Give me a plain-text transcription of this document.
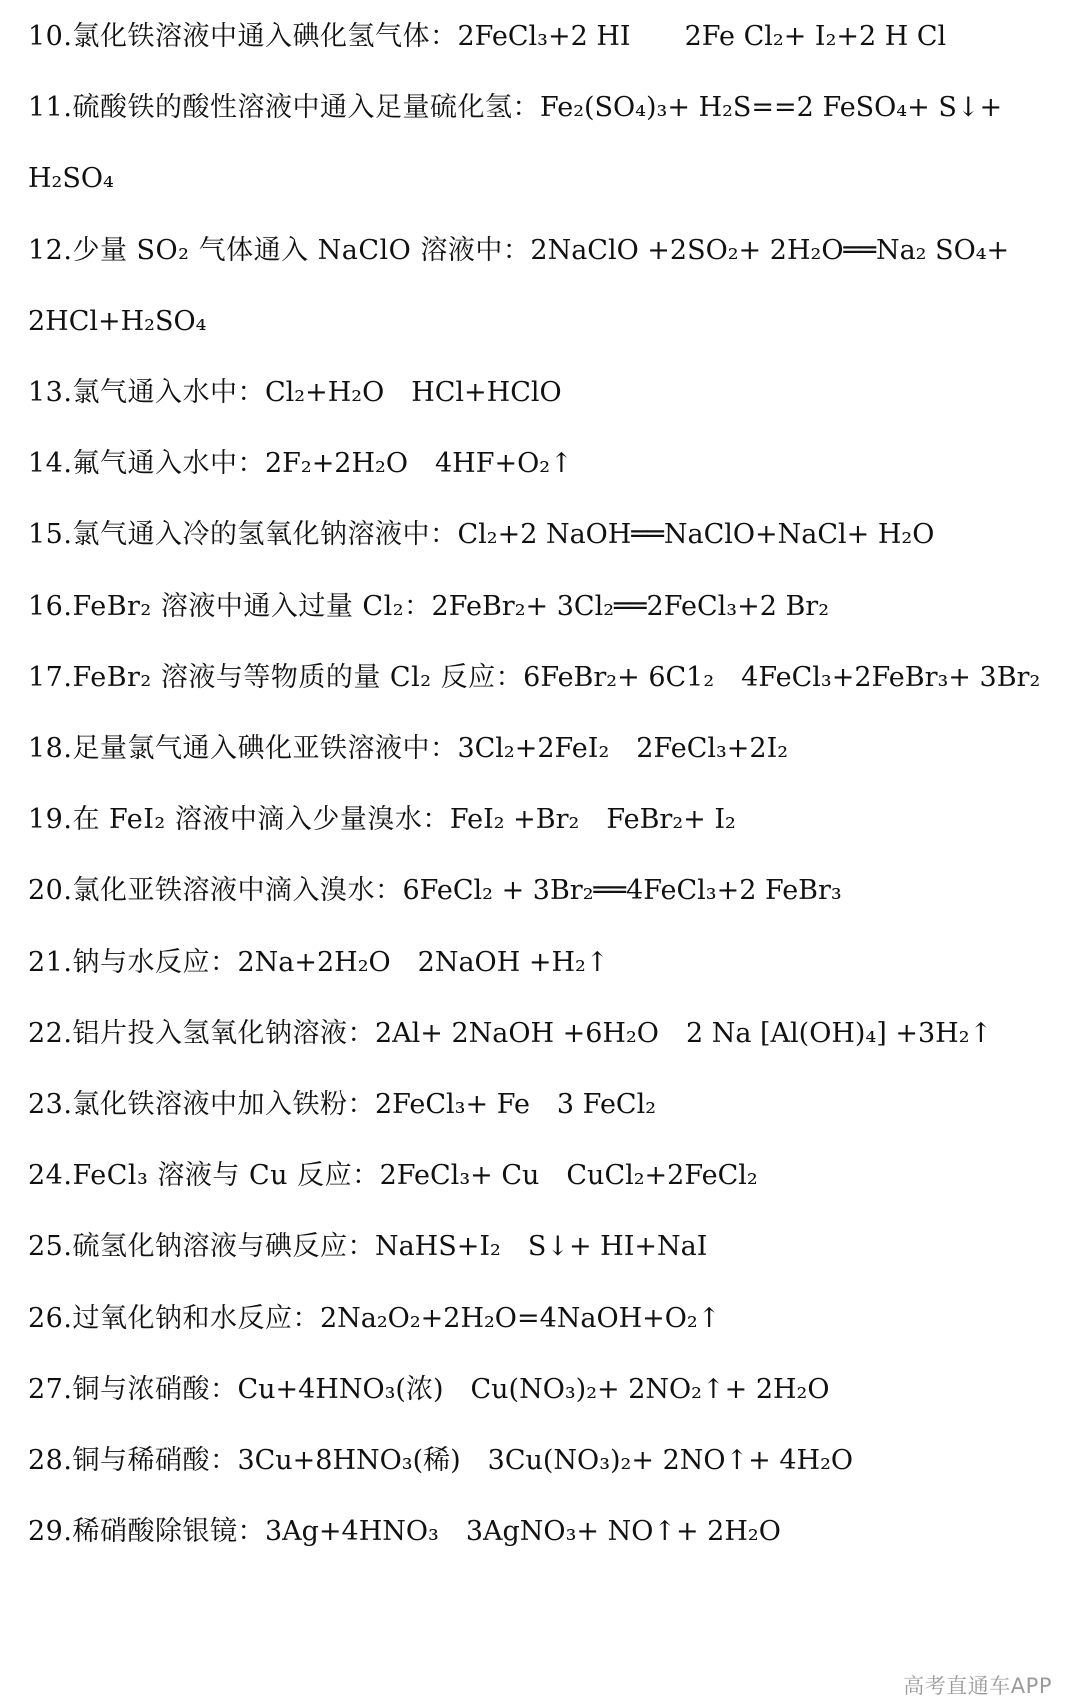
10.氯化铁溶液中通入碘化氢气体：2FeCl₃+2 HI　　2Fe Cl₂+ I₂+2 H Cl
11.硫酸铁的酸性溶液中通入足量硫化氢：Fe₂(SO₄)₃+ H₂S==2 FeSO₄+ S↓+
H₂SO₄
12.少量 SO₂ 气体通入 NaClO 溶液中：2NaClO +2SO₂+ 2H₂O══Na₂ SO₄+
2HCl+H₂SO₄
13.氯气通入水中：Cl₂+H₂O　HCl+HClO
14.氟气通入水中：2F₂+2H₂O　4HF+O₂↑
15.氯气通入冷的氢氧化钠溶液中：Cl₂+2 NaOH══NaClO+NaCl+ H₂O
16.FeBr₂ 溶液中通入过量 Cl₂：2FeBr₂+ 3Cl₂══2FeCl₃+2 Br₂
17.FeBr₂ 溶液与等物质的量 Cl₂ 反应：6FeBr₂+ 6C1₂　4FeCl₃+2FeBr₃+ 3Br₂
18.足量氯气通入碘化亚铁溶液中：3Cl₂+2FeI₂　2FeCl₃+2I₂
19.在 FeI₂ 溶液中滴入少量溴水：FeI₂ +Br₂　FeBr₂+ I₂
20.氯化亚铁溶液中滴入溴水：6FeCl₂ + 3Br₂══4FeCl₃+2 FeBr₃
21.钠与水反应：2Na+2H₂O　2NaOH +H₂↑
22.铝片投入氢氧化钠溶液：2Al+ 2NaOH +6H₂O　2 Na [Al(OH)₄] +3H₂↑
23.氯化铁溶液中加入铁粉：2FeCl₃+ Fe　3 FeCl₂
24.FeCl₃ 溶液与 Cu 反应：2FeCl₃+ Cu　CuCl₂+2FeCl₂
25.硫氢化钠溶液与碘反应：NaHS+I₂　S↓+ HI+NaI
26.过氧化钠和水反应：2Na₂O₂+2H₂O=4NaOH+O₂↑
27.铜与浓硝酸：Cu+4HNO₃(浓)　Cu(NO₃)₂+ 2NO₂↑+ 2H₂O
28.铜与稀硝酸：3Cu+8HNO₃(稀)　3Cu(NO₃)₂+ 2NO↑+ 4H₂O
29.稀硝酸除银镜：3Ag+4HNO₃　3AgNO₃+ NO↑+ 2H₂O
高考直通车APP
